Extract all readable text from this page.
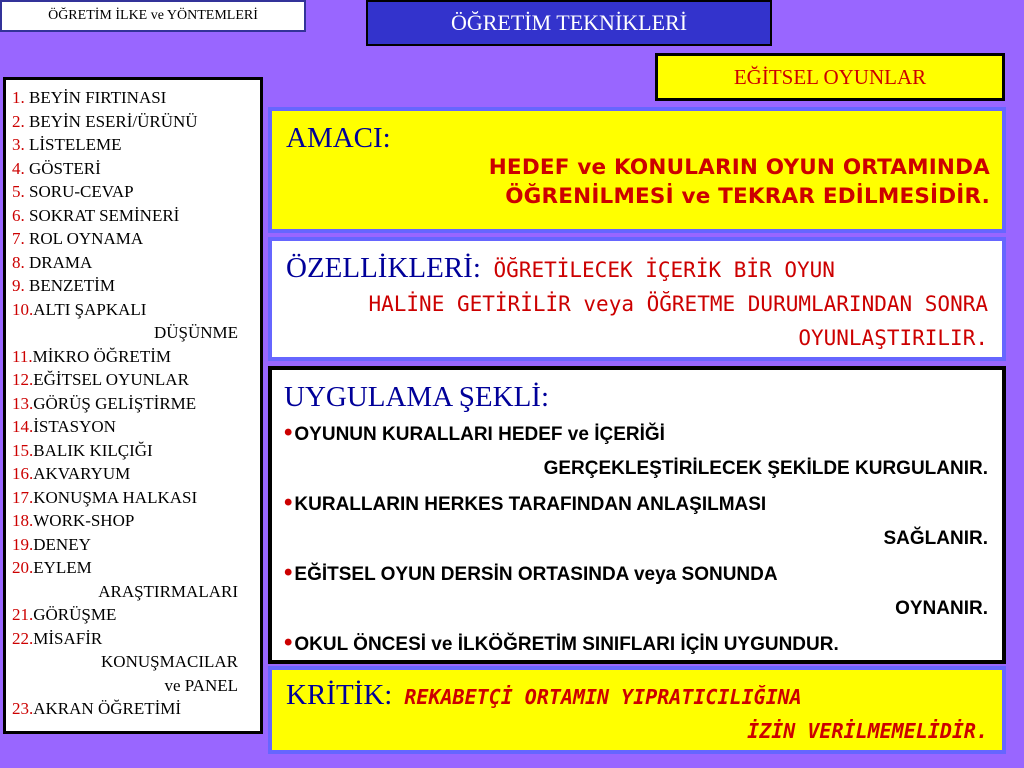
ÖĞRETİM İLKE ve YÖNTEMLERİ	ÖĞRETİM TEKNİKLERİ
EĞİTSEL OYUNLAR
1. BEYİN FIRTINASI
2. BEYİN ESERİ/ÜRÜNÜ
3. LİSTELEME
4. GÖSTERİ
5. SORU-CEVAP
6. SOKRAT SEMİNERİ
7. ROL OYNAMA
8. DRAMA
9. BENZETİM
10.ALTI ŞAPKALI
DÜŞÜNME
11.MİKRO ÖĞRETİM
12.EĞİTSEL OYUNLAR
13.GÖRÜŞ GELİŞTİRME
14.İSTASYON
15.BALIK KILÇIĞI
16.AKVARYUM
17.KONUŞMA HALKASI
18.WORK-SHOP
19.DENEY
20.EYLEM
ARAŞTIRMALARI
21.GÖRÜŞME
22.MİSAFİR
KONUŞMACILAR
ve PANEL
23.AKRAN ÖĞRETİMİ
AMACI:
HEDEF ve KONULARIN OYUN ORTAMINDA
ÖĞRENİLMESİ ve TEKRAR EDİLMESİDİR.
ÖZELLİKLERİ: ÖĞRETİLECEK İÇERİK BİR OYUN
HALİNE GETİRİLİR veya ÖĞRETME DURUMLARINDAN SONRA
OYUNLAŞTIRILIR.
UYGULAMA ŞEKLİ:
• OYUNUN KURALLARI HEDEF ve İÇERİĞİ
GERÇEKLEŞTİRİLECEK ŞEKİLDE KURGULANIR.
• KURALLARIN HERKES TARAFINDAN ANLAŞILMASI
SAĞLANIR.
• EĞİTSEL OYUN DERSİN ORTASINDA veya SONUNDA
OYNANIR.
• OKUL ÖNCESİ ve İLKÖĞRETİM SINIFLARI İÇİN UYGUNDUR.
KRİTİK: REKABETÇİ ORTAMIN YIPRATICILIĞINA
İZİN VERİLMEMELİDİR.
